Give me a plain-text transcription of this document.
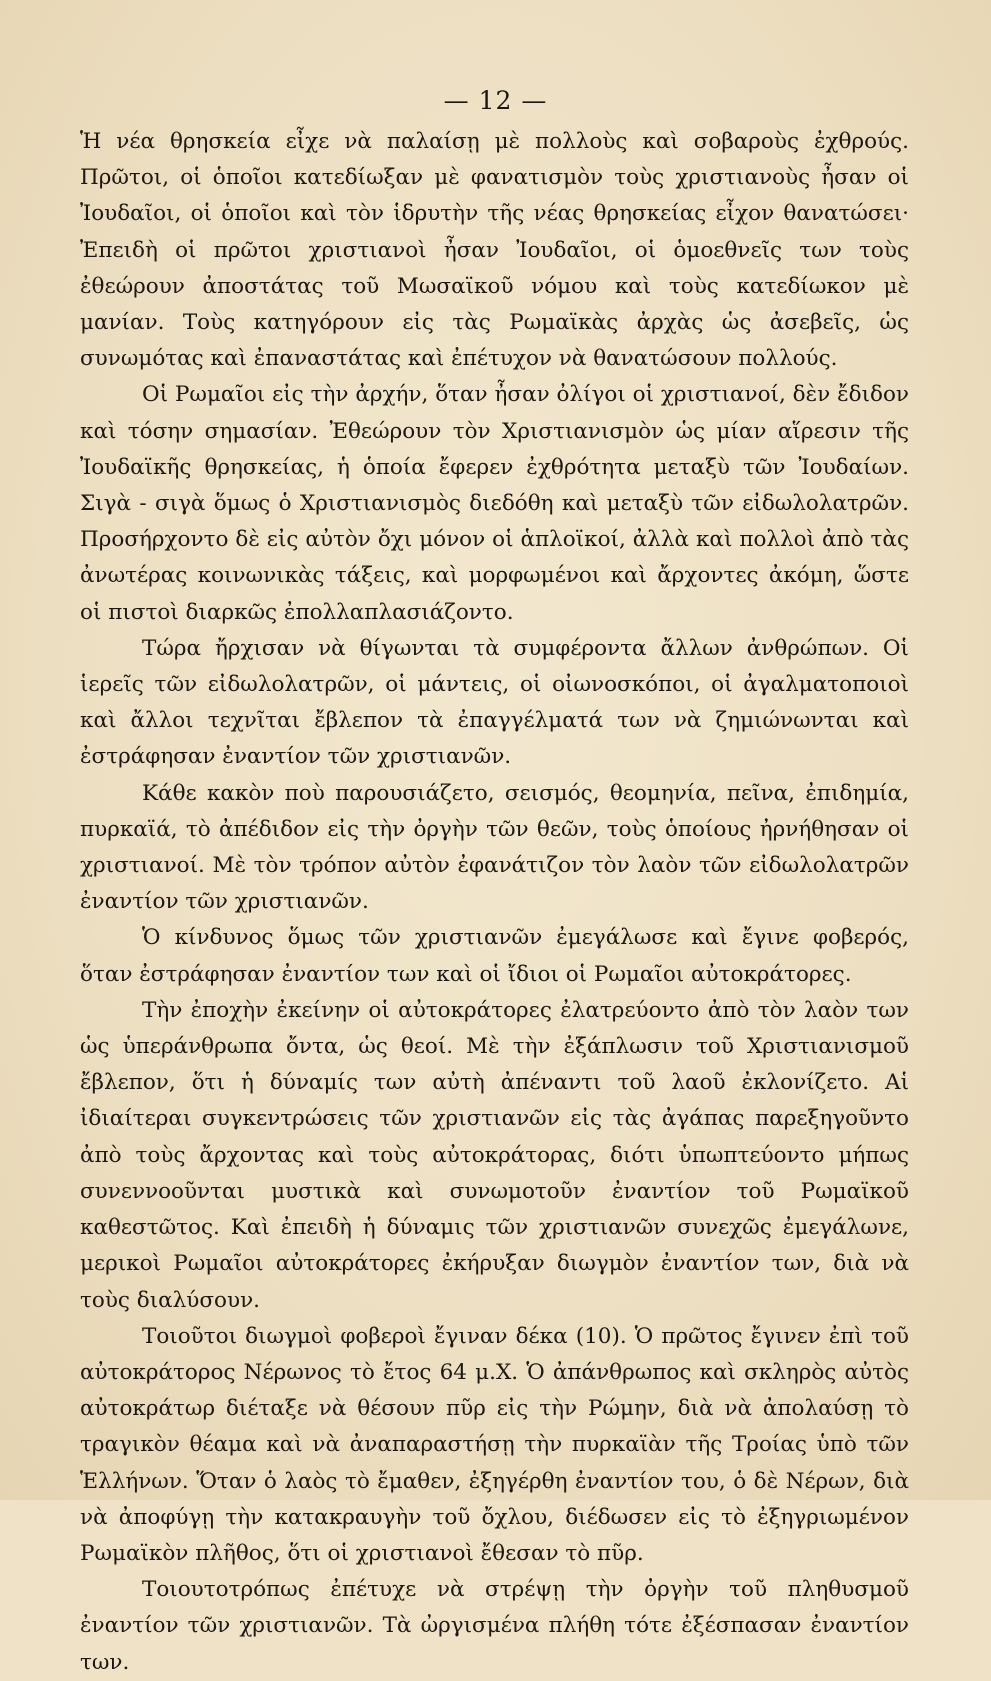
— 12 —

Ἡ νέα θρησκεία εἶχε νὰ παλαίσῃ μὲ πολλοὺς καὶ σοβαροὺς ἐχθρούς. Πρῶτοι, οἱ ὁποῖοι κατεδίωξαν μὲ φανατισμὸν τοὺς χριστιανοὺς ἦσαν οἱ Ἰουδαῖοι, οἱ ὁποῖοι καὶ τὸν ἱδρυτὴν τῆς νέας θρησκείας εἶχον θανατώσει· Ἐπειδὴ οἱ πρῶτοι χριστιανοὶ ἦσαν Ἰουδαῖοι, οἱ ὁμοεθνεῖς των τοὺς ἐθεώρουν ἀποστάτας τοῦ Μωσαϊκοῦ νόμου καὶ τοὺς κατεδίωκον μὲ μανίαν. Τοὺς κατηγόρουν εἰς τὰς Ρωμαϊκὰς ἀρχὰς ὡς ἀσεβεῖς, ὡς συνωμότας καὶ ἐπαναστάτας καὶ ἐπέτυχον νὰ θανατώσουν πολλούς.

Οἱ Ρωμαῖοι εἰς τὴν ἀρχήν, ὅταν ἦσαν ὀλίγοι οἱ χριστιανοί, δὲν ἔδιδον καὶ τόσην σημασίαν. Ἐθεώρουν τὸν Χριστιανισμὸν ὡς μίαν αἵρεσιν τῆς Ἰουδαϊκῆς θρησκείας, ἡ ὁποία ἔφερεν ἐχθρότητα μεταξὺ τῶν Ἰουδαίων. Σιγὰ - σιγὰ ὅμως ὁ Χριστιανισμὸς διεδόθη καὶ μεταξὺ τῶν εἰδωλολατρῶν. Προσήρχοντο δὲ εἰς αὐτὸν ὄχι μόνον οἱ ἁπλοϊκοί, ἀλλὰ καὶ πολλοὶ ἀπὸ τὰς ἀνωτέρας κοινωνικὰς τάξεις, καὶ μορφωμένοι καὶ ἄρχοντες ἀκόμη, ὥστε οἱ πιστοὶ διαρκῶς ἐπολλαπλασιάζοντο.

Τώρα ἤρχισαν νὰ θίγωνται τὰ συμφέροντα ἄλλων ἀνθρώπων. Οἱ ἱερεῖς τῶν εἰδωλολατρῶν, οἱ μάντεις, οἱ οἰωνοσκόποι, οἱ ἀγαλματοποιοὶ καὶ ἄλλοι τεχνῖται ἔβλεπον τὰ ἐπαγγέλματά των νὰ ζημιώνωνται καὶ ἐστράφησαν ἐναντίον τῶν χριστιανῶν.

Κάθε κακὸν ποὺ παρουσιάζετο, σεισμός, θεομηνία, πεῖνα, ἐπιδημία, πυρκαϊά, τὸ ἀπέδιδον εἰς τὴν ὀργὴν τῶν θεῶν, τοὺς ὁποίους ἠρνήθησαν οἱ χριστιανοί. Μὲ τὸν τρόπον αὐτὸν ἐφανάτιζον τὸν λαὸν τῶν εἰδωλολατρῶν ἐναντίον τῶν χριστιανῶν.

Ὁ κίνδυνος ὅμως τῶν χριστιανῶν ἐμεγάλωσε καὶ ἔγινε φοβερός, ὅταν ἐστράφησαν ἐναντίον των καὶ οἱ ἴδιοι οἱ Ρωμαῖοι αὐτοκράτορες.

Τὴν ἐποχὴν ἐκείνην οἱ αὐτοκράτορες ἐλατρεύοντο ἀπὸ τὸν λαὸν των ὡς ὑπεράνθρωπα ὄντα, ὡς θεοί. Μὲ τὴν ἐξάπλωσιν τοῦ Χριστιανισμοῦ ἔβλεπον, ὅτι ἡ δύναμίς των αὐτὴ ἀπέναντι τοῦ λαοῦ ἐκλονίζετο. Αἱ ἰδιαίτεραι συγκεντρώσεις τῶν χριστιανῶν εἰς τὰς ἀγάπας παρεξηγοῦντο ἀπὸ τοὺς ἄρχοντας καὶ τοὺς αὐτοκράτορας, διότι ὑπωπτεύοντο μήπως συνεννοοῦνται μυστικὰ καὶ συνωμοτοῦν ἐναντίον τοῦ Ρωμαϊκοῦ καθεστῶτος. Καὶ ἐπειδὴ ἡ δύναμις τῶν χριστιανῶν συνεχῶς ἐμεγάλωνε, μερικοὶ Ρωμαῖοι αὐτοκράτορες ἐκήρυξαν διωγμὸν ἐναντίον των, διὰ νὰ τοὺς διαλύσουν.

Τοιοῦτοι διωγμοὶ φοβεροὶ ἔγιναν δέκα (10). Ὁ πρῶτος ἔγινεν ἐπὶ τοῦ αὐτοκράτορος Νέρωνος τὸ ἔτος 64 μ.Χ. Ὁ ἀπάνθρωπος καὶ σκληρὸς αὐτὸς αὐτοκράτωρ διέταξε νὰ θέσουν πῦρ εἰς τὴν Ρώμην, διὰ νὰ ἀπολαύσῃ τὸ τραγικὸν θέαμα καὶ νὰ ἀναπαραστήσῃ τὴν πυρκαϊὰν τῆς Τροίας ὑπὸ τῶν Ἑλλήνων. Ὅταν ὁ λαὸς τὸ ἔμαθεν, ἐξηγέρθη ἐναντίον του, ὁ δὲ Νέρων, διὰ νὰ ἀποφύγῃ τὴν κατακραυγὴν τοῦ ὄχλου, διέδωσεν εἰς τὸ ἐξηγριωμένον Ρωμαϊκὸν πλῆθος, ὅτι οἱ χριστιανοὶ ἔθεσαν τὸ πῦρ.

Τοιουτοτρόπως ἐπέτυχε νὰ στρέψῃ τὴν ὀργὴν τοῦ πληθυσμοῦ ἐναντίον τῶν χριστιανῶν. Τὰ ὠργισμένα πλήθη τότε ἐξέσπασαν ἐναντίον των.
